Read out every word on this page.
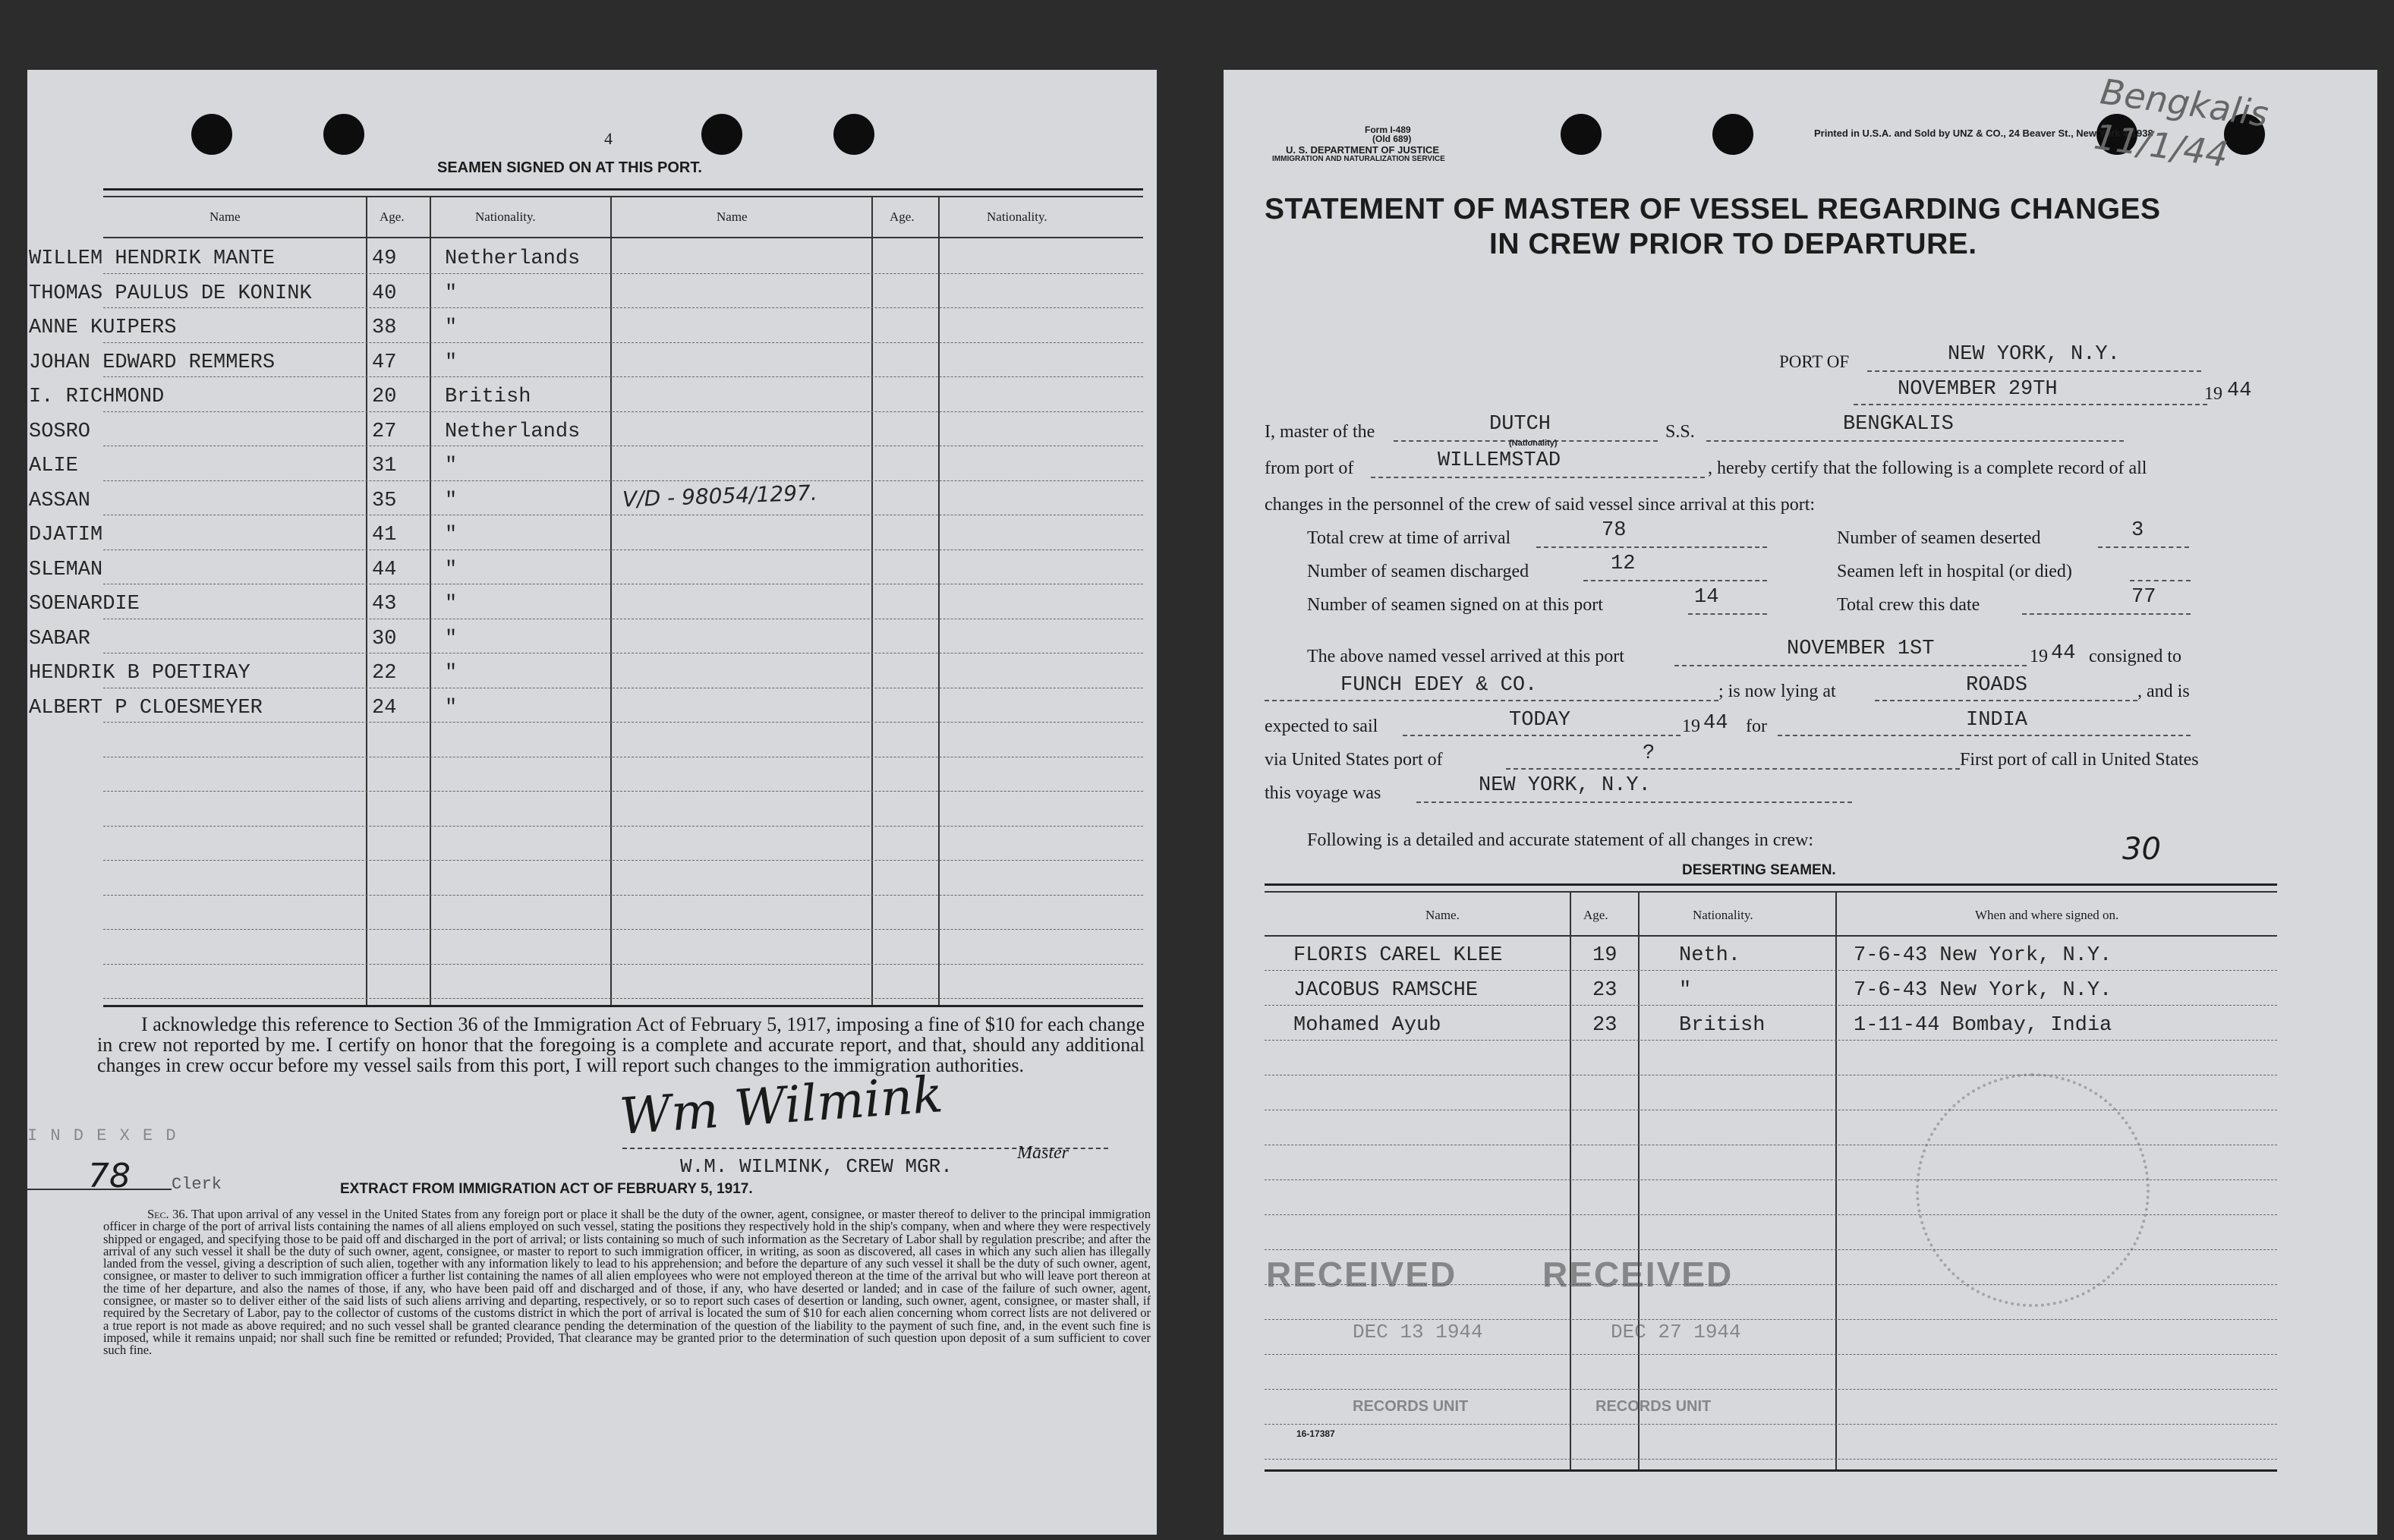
4
SEAMEN SIGNED ON AT THIS PORT.
Name	Age.	Nationality.	Name	Age.	Nationality.
WILLEM HENDRIK MANTE	49 Netherlands
THOMAS PAULUS DE KONINK	40 "
ANNE KUIPERS	38 "
JOHAN EDWARD REMMERS	47 "
I. RICHMOND	20 British
SOSRO	27 Netherlands
ALIE	31 "
ASSAN	35 "
DJATIM	41 "
SLEMAN	44 "
SOENARDIE	43 "
SABAR	30 "
HENDRIK B POETIRAY	22 "
ALBERT P CLOESMEYER	24 "
V/D - 98054/1297.
I acknowledge this reference to Section 36 of the Immigration Act of February 5, 1917, imposing a fine of $10 for each change in crew not reported by me. I certify on honor that the foregoing is a complete and accurate report, and that, should any additional changes in crew occur before my vessel sails from this port, I will report such changes to the immigration authorities.
Wm Wilmink
W.M. WILMINK, CREW MGR.
Master
I N D E X E D
78 Clerk	EXTRACT FROM IMMIGRATION ACT OF FEBRUARY 5, 1917.
Sec. 36. That upon arrival of any vessel in the United States from any foreign port or place it shall be the duty of the owner, agent, consignee, or master thereof to deliver to the principal immigration officer in charge of the port of arrival lists containing the names of all aliens employed on such vessel, stating the positions they respectively hold in the ship's company, when and where they were respectively shipped or engaged, and specifying those to be paid off and discharged in the port of arrival; or lists containing so much of such information as the Secretary of Labor shall by regulation prescribe; and after the arrival of any such vessel it shall be the duty of such owner, agent, consignee, or master to report to such immigration officer, in writing, as soon as discovered, all cases in which any such alien has illegally landed from the vessel, giving a description of such alien, together with any information likely to lead to his apprehension; and before the departure of any such vessel it shall be the duty of such owner, agent, consignee, or master to deliver to such immigration officer a further list containing the names of all alien employees who were not employed thereon at the time of the arrival but who will leave port thereon at the time of her departure, and also the names of those, if any, who have been paid off and discharged and of those, if any, who have deserted or landed; and in case of the failure of such owner, agent, consignee, or master so to deliver either of the said lists of such aliens arriving and departing, respectively, or so to report such cases of desertion or landing, such owner, agent, consignee, or master shall, if required by the Secretary of Labor, pay to the collector of customs of the customs district in which the port of arrival is located the sum of $10 for each alien concerning whom correct lists are not delivered or a true report is not made as above required; and no such vessel shall be granted clearance pending the determination of the question of the liability to the payment of such fine, and, in the event such fine is imposed, while it remains unpaid; nor shall such fine be remitted or refunded; Provided, That clearance may be granted prior to the determination of such question upon deposit of a sum sufficient to cover such fine.
Form I-489
(Old 689)
U. S. DEPARTMENT OF JUSTICE
IMMIGRATION AND NATURALIZATION SERVICE
Printed in U.S.A. and Sold by UNZ & CO., 24 Beaver St., New York 4,1938
Bengkalis 11/1/44
STATEMENT OF MASTER OF VESSEL REGARDING CHANGES
IN CREW PRIOR TO DEPARTURE.
PORT OF	NEW YORK, N.Y.
NOVEMBER 29TH	19 44
I, master of the	DUTCH
(Nationality)
S.S.	BENGKALIS
from port of	WILLEMSTAD	, hereby certify that the following is a complete record of all
changes in the personnel of the crew of said vessel since arrival at this port:
Total crew at time of arrival	78	Number of seamen deserted	3
Number of seamen discharged	12	Seamen left in hospital (or died)
Number of seamen signed on at this port	14	Total crew this date	77
The above named vessel arrived at this port	NOVEMBER 1ST	19 44 consigned to
FUNCH EDEY & CO.	; is now lying at	ROADS	, and is
expected to sail	TODAY	19 44 for	INDIA
via United States port of	?	First port of call in United States
this voyage was	NEW YORK, N.Y.
Following is a detailed and accurate statement of all changes in crew:	30
DESERTING SEAMEN.
Name.	Age.	Nationality.	When and where signed on.
FLORIS CAREL KLEE	19	Neth.	7-6-43 New York, N.Y.
JACOBUS RAMSCHE	23	"	7-6-43 New York, N.Y.
Mohamed Ayub	23	British	1-11-44 Bombay, India
RECEIVED
DEC 13 1944
RECORDS UNIT
RECEIVED
DEC 27 1944
RECORDS UNIT
16-17387
